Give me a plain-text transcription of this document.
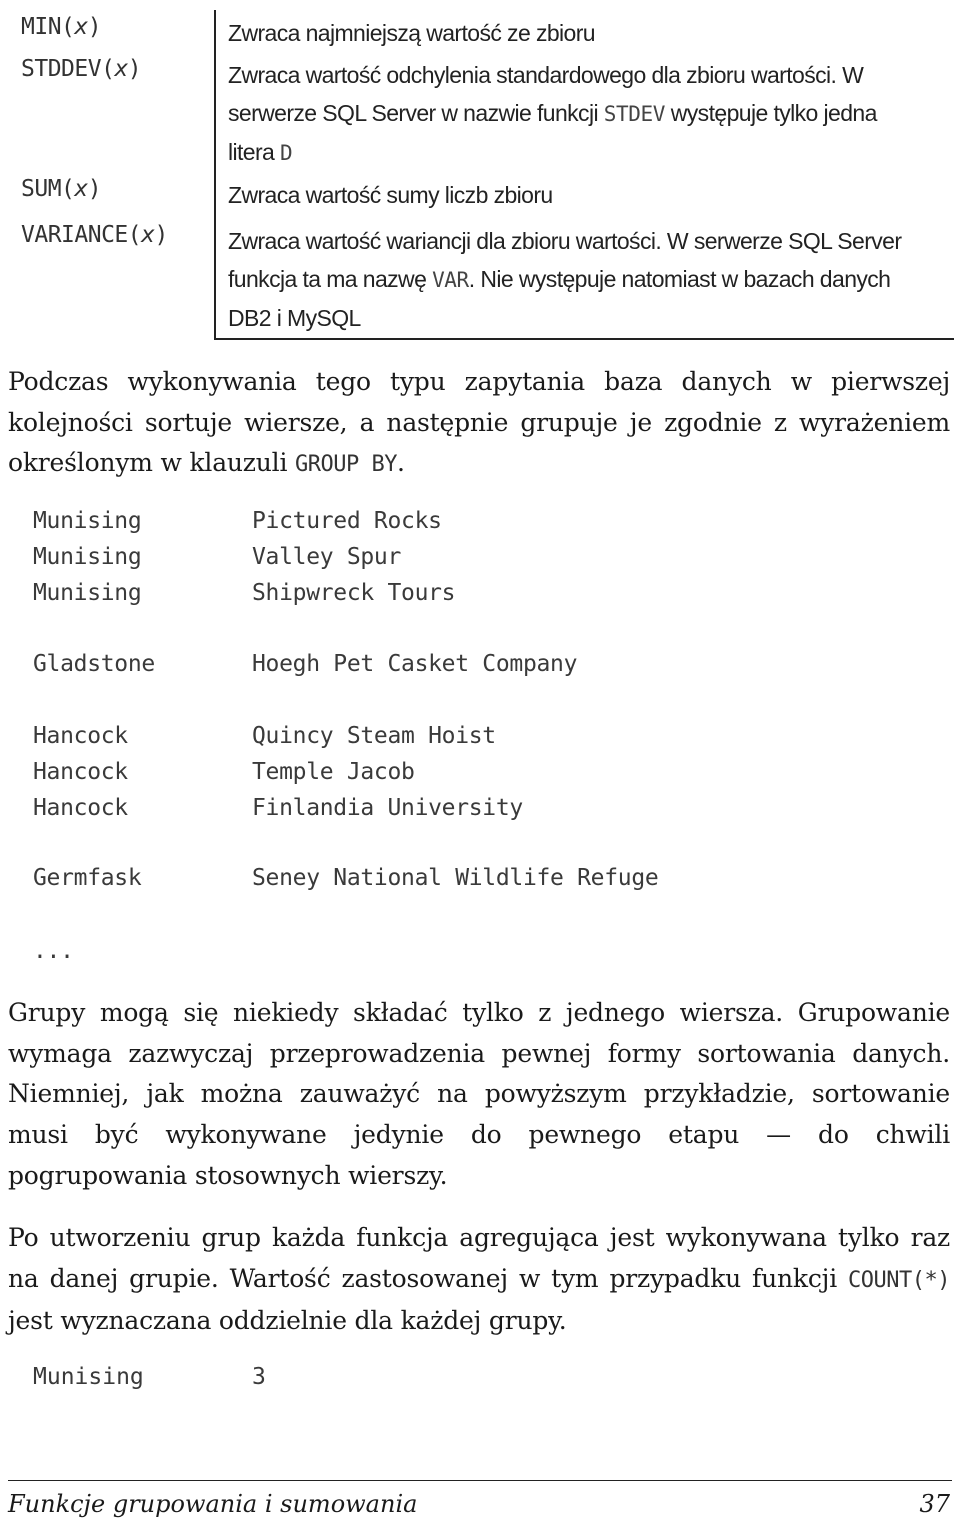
MIN(x)	Zwraca najmniejszą wartość ze zbioru
STDDEV(x)	Zwraca wartość odchylenia standardowego dla zbioru wartości. W serwerze SQL Server w nazwie funkcji STDEV występuje tylko jedna litera D
SUM(x)	Zwraca wartość sumy liczb zbioru
VARIANCE(x)	Zwraca wartość wariancji dla zbioru wartości. W serwerze SQL Server funkcja ta ma nazwę VAR. Nie występuje natomiast w bazach danych DB2 i MySQL
Podczas wykonywania tego typu zapytania baza danych w pierwszej kolejności sortuje wiersze, a następnie grupuje je zgodnie z wyrażeniem określonym w klauzuli GROUP BY.
Munising	Pictured Rocks
Munising	Valley Spur
Munising	Shipwreck Tours
Gladstone	Hoegh Pet Casket Company
Hancock	Quincy Steam Hoist
Hancock	Temple Jacob
Hancock	Finlandia University
Germfask	Seney National Wildlife Refuge
...
Grupy mogą się niekiedy składać tylko z jednego wiersza. Grupowanie wymaga zazwyczaj przeprowadzenia pewnej formy sortowania danych. Niemniej, jak można zauważyć na powyższym przykładzie, sortowanie musi być wykonywane jedynie do pewnego etapu — do chwili pogrupowania stosownych wierszy.
Po utworzeniu grup każda funkcja agregująca jest wykonywana tylko raz na danej grupie. Wartość zastosowanej w tym przypadku funkcji COUNT(*) jest wyznaczana oddzielnie dla każdej grupy.
Munising	3
Funkcje grupowania i sumowania	37
